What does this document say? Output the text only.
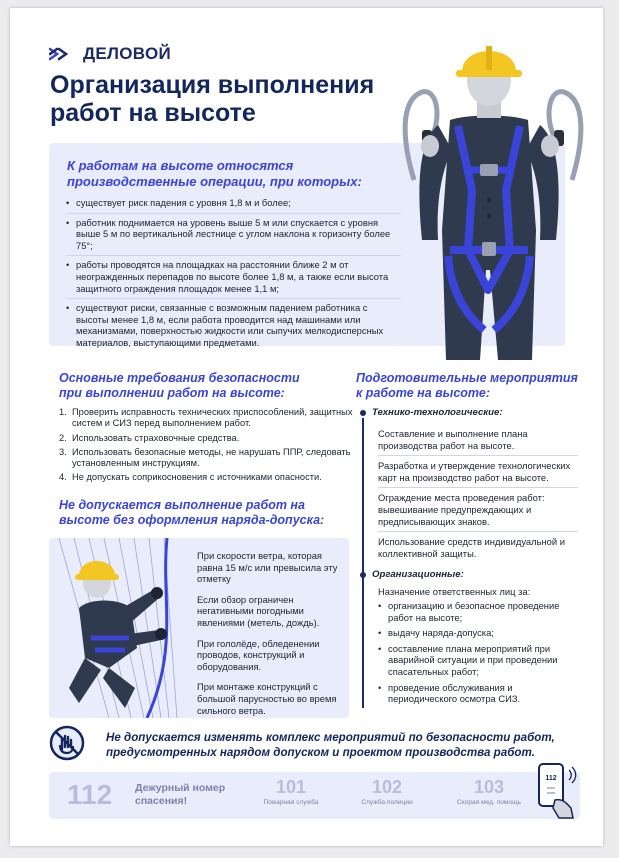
ДЕЛОВОЙ
Организация выполнения работ на высоте
К работам на высоте относятся производственные операции, при которых:
• существует риск падения с уровня 1,8 м и более;
• работник поднимается на уровень выше 5 м или спускается с уровня выше 5 м по вертикальной лестнице с углом наклона к горизонту более 75°;
• работы проводятся на площадках на расстоянии ближе 2 м от неогражденных перепадов по высоте более 1,8 м, а также если высота защитного ограждения площадок менее 1,1 м;
• существуют риски, связанные с возможным падением работника с высоты менее 1,8 м, если работа проводится над машинами или механизмами, поверхностью жидкости или сыпучих мелкодисперсных материалов, выступающими предметами.
Основные требования безопасности при выполнении работ на высоте:
1. Проверить исправность технических приспособлений, защитных систем и СИЗ перед выполнением работ.
2. Использовать страховочные средства.
3. Использовать безопасные методы, не нарушать ППР, следовать установленным инструкциям.
4. Не допускать соприкосновения с источниками опасности.
Не допускается выполнение работ на высоте без оформления наряда-допуска:
При скорости ветра, которая равна 15 м/с или превысила эту отметку
Если обзор ограничен негативными погодными явлениями (метель, дождь).
При гололёде, обледенении проводов, конструкций и оборудования.
При монтаже конструкций с большой парусностью во время сильного ветра.
Подготовительные мероприятия к работе на высоте:
Технико-технологические:
Составление и выполнение плана производства работ на высоте.
Разработка и утверждение технологических карт на производство работ на высоте.
Ограждение места проведения работ: вывешивание предупреждающих и предписывающих знаков.
Использование средств индивидуальной и коллективной защиты.
Организационные:
Назначение ответственных лиц за:
• организацию и безопасное проведение работ на высоте;
• выдачу наряда-допуска;
• составление плана мероприятий при аварийной ситуации и при проведении спасательных работ;
• проведение обслуживания и периодического осмотра СИЗ.
Не допускается изменять комплекс мероприятий по безопасности работ, предусмотренных нарядом допуском и проектом производства работ.
112 Дежурный номер спасения!
101
Пожарная служба
102
Служба полиции
103
Скорая мед. помощь
112
